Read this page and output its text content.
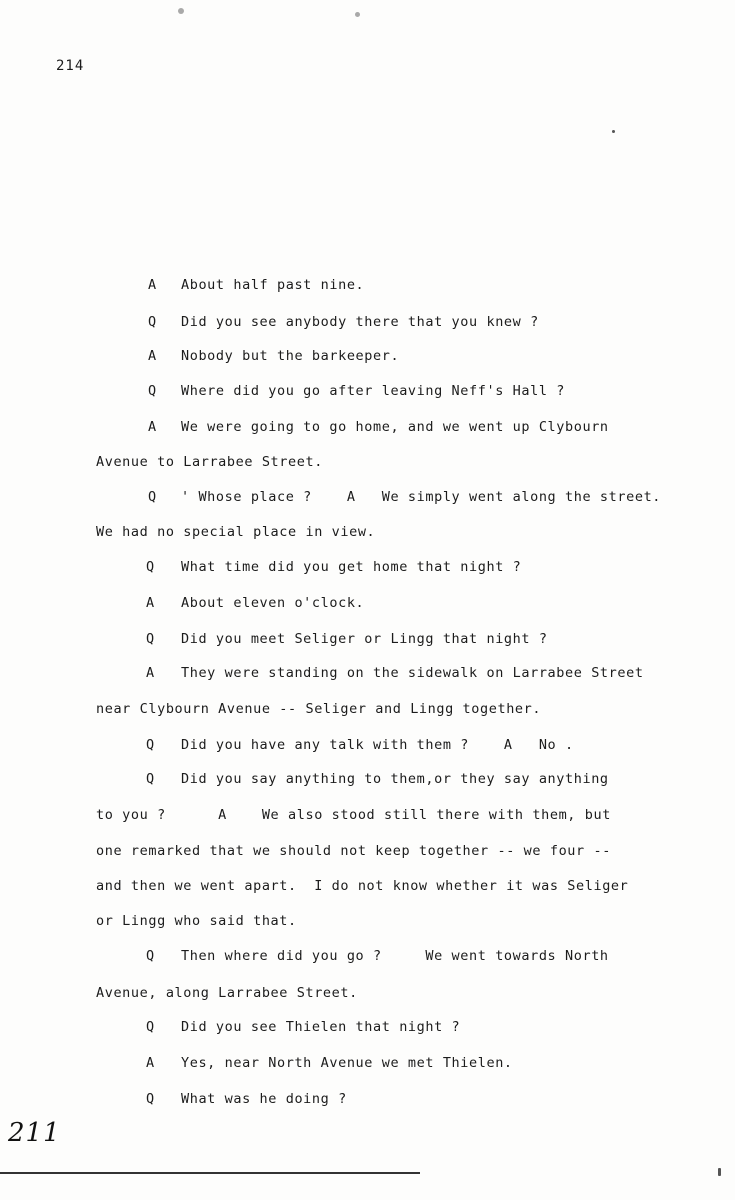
214
A About half past nine.
Q Did you see anybody there that you knew ?
A Nobody but the barkeeper.
Q Where did you go after leaving Neff's Hall ?
A We were going to go home, and we went up Clybourn
Avenue to Larrabee Street.
Q ' Whose place ?    A   We simply went along the street.
We had no special place in view.
Q What time did you get home that night ?
A About eleven o'clock.
Q Did you meet Seliger or Lingg that night ?
A They were standing on the sidewalk on Larrabee Street
near Clybourn Avenue -- Seliger and Lingg together.
Q Did you have any talk with them ?    A   No .
Q Did you say anything to them,or they say anything
to you ?      A    We also stood still there with them, but
one remarked that we should not keep together -- we four --
and then we went apart.  I do not know whether it was Seliger
or Lingg who said that.
Q Then where did you go ?     We went towards North
Avenue, along Larrabee Street.
Q Did you see Thielen that night ?
A Yes, near North Avenue we met Thielen.
Q What was he doing ?
211
